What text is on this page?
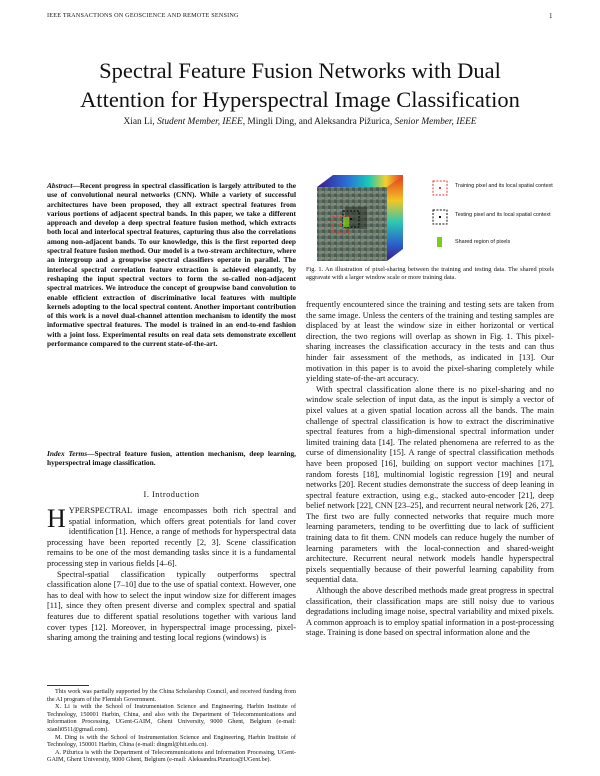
IEEE TRANSACTIONS ON GEOSCIENCE AND REMOTE SENSING	1
Spectral Feature Fusion Networks with Dual
Attention for Hyperspectral Image Classification
Xian Li, Student Member, IEEE, Mingli Ding, and Aleksandra Pižurica, Senior Member, IEEE
Abstract—Recent progress in spectral classification is largely attributed to the use of convolutional neural networks (CNN). While a variety of successful architectures have been proposed, they all extract spectral features from various portions of adjacent spectral bands. In this paper, we take a different approach and develop a deep spectral feature fusion method, which extracts both local and interlocal spectral features, capturing thus also the correlations among non-adjacent bands. To our knowledge, this is the first reported deep spectral feature fusion method. Our model is a two-stream architecture, where an intergroup and a groupwise spectral classifiers operate in parallel. The interlocal spectral correlation feature extraction is achieved elegantly, by reshaping the input spectral vectors to form the so-called non-adjacent spectral matrices. We introduce the concept of groupwise band convolution to enable efficient extraction of discriminative local features with multiple kernels adopting to the local spectral content. Another important contribution of this work is a novel dual-channel attention mechanism to identify the most informative spectral features. The model is trained in an end-to-end fashion with a joint loss. Experimental results on real data sets demonstrate excellent performance compared to the current state-of-the-art.
Index Terms—Spectral feature fusion, attention mechanism, deep learning, hyperspectral image classification.
I. Introduction

HYPERSPECTRAL image encompasses both rich spectral and spatial information, which offers great potentials for land cover identification [1]. Hence, a range of methods for hyperspectral data processing have been reported recently [2, 3]. Scene classification remains to be one of the most demanding tasks since it is a fundamental processing step in various fields [4–6].

Spectral-spatial classification typically outperforms spectral classification alone [7–10] due to the use of spatial context. However, one has to deal with how to select the input window size for different images [11], since they often present diverse and complex spectral and spatial features due to different spatial resolutions together with various land cover types [12]. Moreover, in hyperspectral image processing, pixel-sharing among the training and testing local regions (windows) is

This work was partially supported by the China Scholarship Council, and received funding from the AI program of the Flemish Government.

X. Li is with the School of Instrumentation Science and Engineering, Harbin Institute of Technology, 150001 Harbin, China, and also with the Department of Telecommunications and Information Processing, UGent-GAIM, Ghent University, 9000 Ghent, Belgium (e-mail: xianli0511@gmail.com).

M. Ding is with the School of Instrumentation Science and Engineering, Harbin Institute of Technology, 150001 Harbin, China (e-mail: dingml@hit.edu.cn).

A. Pižurica is with the Department of Telecommunications and Information Processing, UGent-GAIM, Ghent University, 9000 Ghent, Belgium (e-mail: Aleksandra.Pizurica@UGent.be).

Training pixel and its local spatial context
Testing pixel and its local spatial context
Shared region of pixels
Fig. 1. An illustration of pixel-sharing between the training and testing data. The shared pixels aggravate with a larger window scale or more training data.

frequently encountered since the training and testing sets are taken from the same image. Unless the centers of the training and testing samples are displaced by at least the window size in either horizontal or vertical direction, the two regions will overlap as shown in Fig. 1. This pixel-sharing increases the classification accuracy in the tests and can thus hinder fair assessment of the methods, as indicated in [13]. Our motivation in this paper is to avoid the pixel-sharing completely while yielding state-of-the-art accuracy.

With spectral classification alone there is no pixel-sharing and no window scale selection of input data, as the input is simply a vector of pixel values at a given spatial location across all the bands. The main challenge of spectral classification is how to extract the discriminative spectral features from a high-dimensional spectral information under limited training data [14]. The related phenomena are referred to as the curse of dimensionality [15]. A range of spectral classification methods have been proposed [16], building on support vector machines [17], random forests [18], multinomial logistic regression [19] and neural networks [20]. Recent studies demonstrate the success of deep leaning in spectral feature extraction, using e.g., stacked auto-encoder [21], deep belief network [22], CNN [23–25], and recurrent neural network [26, 27]. The first two are fully connected networks that require much more learning parameters, tending to be overfitting due to lack of sufficient training data to fit them. CNN models can reduce hugely the number of learning parameters with the local-connection and shared-weight architecture. Recurrent neural network models handle hyperspectral pixels sequentially because of their powerful learning capability from sequential data.

Although the above described methods made great progress in spectral classification, their classification maps are still noisy due to various degradations including image noise, spectral variability and mixed pixels. A common approach is to employ spatial information in a post-processing stage. Training is done based on spectral information alone and the
